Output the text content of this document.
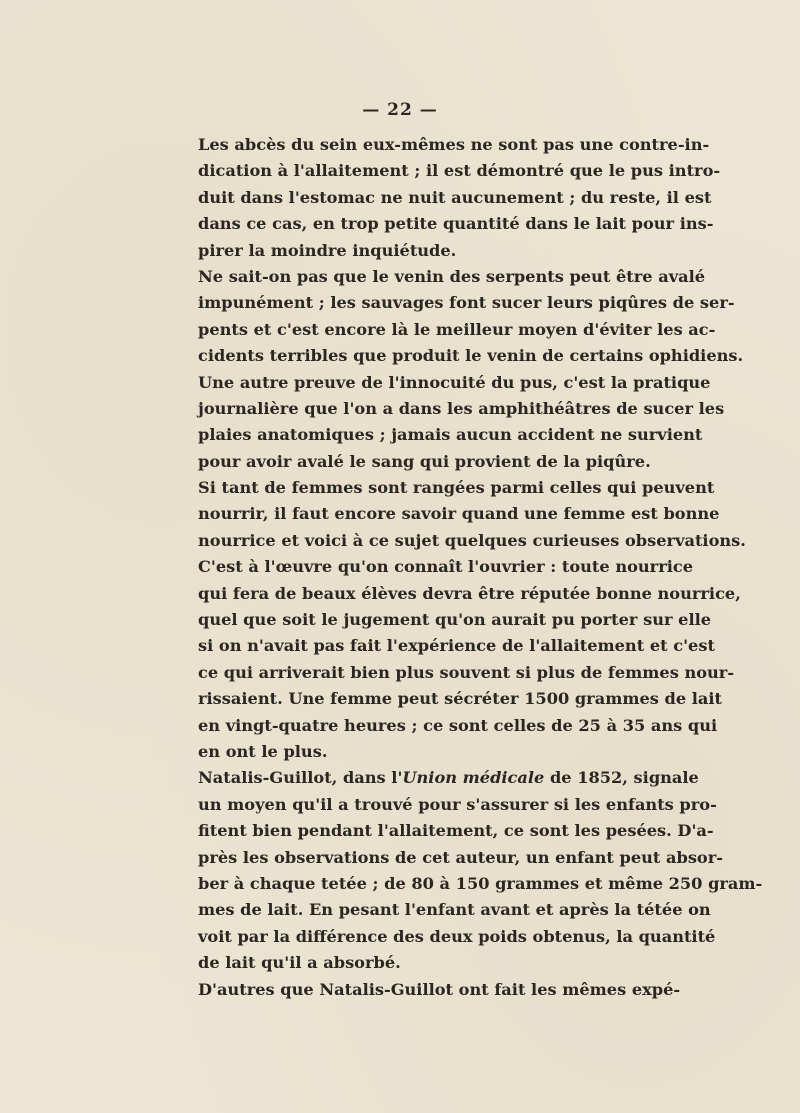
— 22 —
Les abcès du sein eux-mêmes ne sont pas une contre-in-
dication à l'allaitement ; il est démontré que le pus intro-
duit dans l'estomac ne nuit aucunement ; du reste, il est
dans ce cas, en trop petite quantité dans le lait pour ins-
pirer la moindre inquiétude.
Ne sait-on pas que le venin des serpents peut être avalé
impunément ; les sauvages font sucer leurs piqûres de ser-
pents et c'est encore là le meilleur moyen d'éviter les ac-
cidents terribles que produit le venin de certains ophidiens.
Une autre preuve de l'innocuité du pus, c'est la pratique
journalière que l'on a dans les amphithéâtres de sucer les
plaies anatomiques ; jamais aucun accident ne survient
pour avoir avalé le sang qui provient de la piqûre.
Si tant de femmes sont rangées parmi celles qui peuvent
nourrir, il faut encore savoir quand une femme est bonne
nourrice et voici à ce sujet quelques curieuses observations.
C'est à l'œuvre qu'on connaît l'ouvrier : toute nourrice
qui fera de beaux élèves devra être réputée bonne nourrice,
quel que soit le jugement qu'on aurait pu porter sur elle
si on n'avait pas fait l'expérience de l'allaitement et c'est
ce qui arriverait bien plus souvent si plus de femmes nour-
rissaient. Une femme peut sécréter 1500 grammes de lait
en vingt-quatre heures ; ce sont celles de 25 à 35 ans qui
en ont le plus.
Natalis-Guillot, dans l'Union médicale de 1852, signale
un moyen qu'il a trouvé pour s'assurer si les enfants pro-
fitent bien pendant l'allaitement, ce sont les pesées. D'a-
près les observations de cet auteur, un enfant peut absor-
ber à chaque tetée ; de 80 à 150 grammes et même 250 gram-
mes de lait. En pesant l'enfant avant et après la tétée on
voit par la différence des deux poids obtenus, la quantité
de lait qu'il a absorbé.
D'autres que Natalis-Guillot ont fait les mêmes expé-
